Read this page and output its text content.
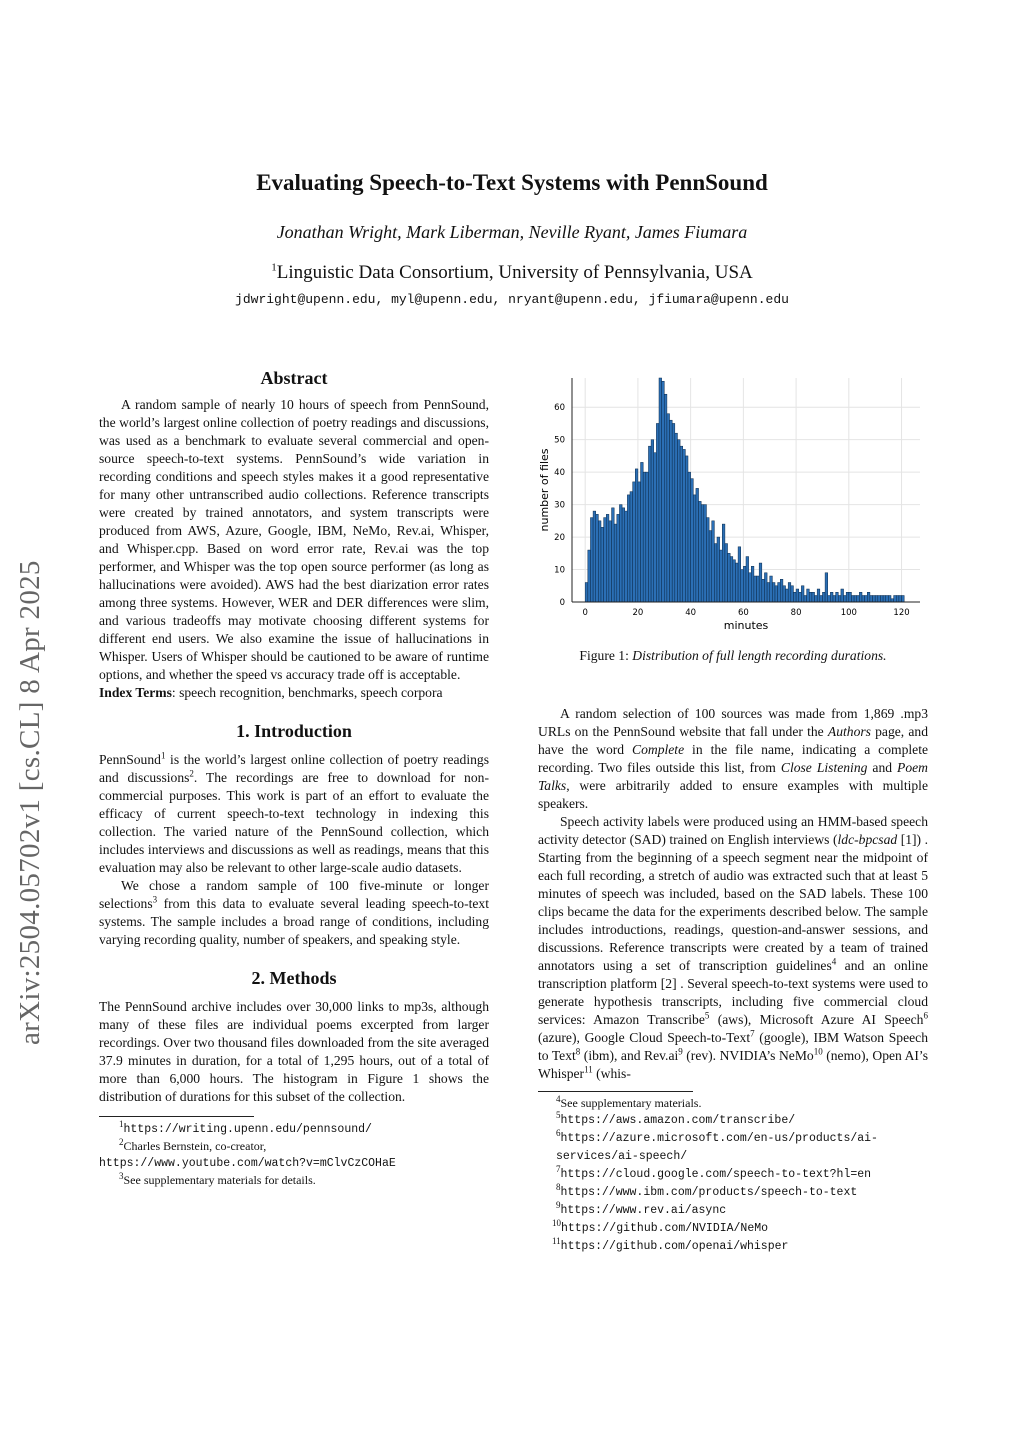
arXiv:2504.05702v1 [cs.CL] 8 Apr 2025
Evaluating Speech-to-Text Systems with PennSound
Jonathan Wright, Mark Liberman, Neville Ryant, James Fiumara
$^1$Linguistic Data Consortium, University of Pennsylvania, USA
jdwright@upenn.edu, myl@upenn.edu, nryant@upenn.edu, jfiumara@upenn.edu

Abstract

A random sample of nearly 10 hours of speech from PennSound, the world’s largest online collection of poetry readings and discussions, was used as a benchmark to evaluate several commercial and open-source speech-to-text systems. PennSound’s wide variation in recording conditions and speech styles makes it a good representative for many other untranscribed audio collections. Reference transcripts were created by trained annotators, and system transcripts were produced from AWS, Azure, Google, IBM, NeMo, Rev.ai, Whisper, and Whisper.cpp. Based on word error rate, Rev.ai was the top performer, and Whisper was the top open source performer (as long as hallucinations were avoided). AWS had the best diarization error rates among three systems. However, WER and DER differences were slim, and various tradeoffs may motivate choosing different systems for different end users. We also examine the issue of hallucinations in Whisper. Users of Whisper should be cautioned to be aware of runtime options, and whether the speed vs accuracy trade off is acceptable.

Index Terms: speech recognition, benchmarks, speech corpora

1. Introduction

PennSound$^1$ is the world’s largest online collection of poetry readings and discussions$^2$. The recordings are free to download for non-commercial purposes. This work is part of an effort to evaluate the efficacy of current speech-to-text technology in indexing this collection. The varied nature of the PennSound collection, which includes interviews and discussions as well as readings, means that this evaluation may also be relevant to other large-scale audio datasets.

We chose a random sample of 100 five-minute or longer selections$^3$ from this data to evaluate several leading speech-to-text systems. The sample includes a broad range of conditions, including varying recording quality, number of speakers, and speaking style.

2. Methods

The PennSound archive includes over 30,000 links to mp3s, although many of these files are individual poems excerpted from larger recordings. Over two thousand files downloaded from the site averaged 37.9 minutes in duration, for a total of 1,295 hours, out of a total of more than 6,000 hours. The histogram in Figure 1 shows the distribution of durations for this subset of the collection.

$^1$https://writing.upenn.edu/pennsound/
$^2$Charles Bernstein, co-creator,
https://www.youtube.com/watch?v=mClvCzCOHaE
$^3$See supplementary materials for details.
0	20	40	60	80	100	120
0
10
20
30
40
50
60
minutes
number of files
Figure 1: Distribution of full length recording durations.

A random selection of 100 sources was made from 1,869 .mp3 URLs on the PennSound website that fall under the Authors page, and have the word Complete in the file name, indicating a complete recording. Two files outside this list, from Close Listening and Poem Talks, were arbitrarily added to ensure examples with multiple speakers.

Speech activity labels were produced using an HMM-based speech activity detector (SAD) trained on English interviews (ldc-bpcsad [1]) . Starting from the beginning of a speech segment near the midpoint of each full recording, a stretch of audio was extracted such that at least 5 minutes of speech was included, based on the SAD labels. These 100 clips became the data for the experiments described below. The sample includes introductions, readings, question-and-answer sessions, and discussions. Reference transcripts were created by a team of trained annotators using a set of transcription guidelines$^4$ and an online transcription platform [2] . Several speech-to-text systems were used to generate hypothesis transcripts, including five commercial cloud services: Amazon Transcribe$^5$ (aws), Microsoft Azure AI Speech$^6$ (azure), Google Cloud Speech-to-Text$^7$ (google), IBM Watson Speech to Text$^8$ (ibm), and $Rev.ai^9$ (rev). NVIDIA’s NeMo$^{10}$ (nemo), Open AI’s Whisper$^{11}$ (whis-

$^4$See supplementary materials.
$^5$https://aws.amazon.com/transcribe/
$^6$https://azure.microsoft.com/en-us/products/ai-services/ai-speech/
$^7$https://cloud.google.com/speech-to-text?hl=en
$^8$https://www.ibm.com/products/speech-to-text
$^9$https://www.rev.ai/async
$^{10}$https://github.com/NVIDIA/NeMo
$^{11}$https://github.com/openai/whisper
